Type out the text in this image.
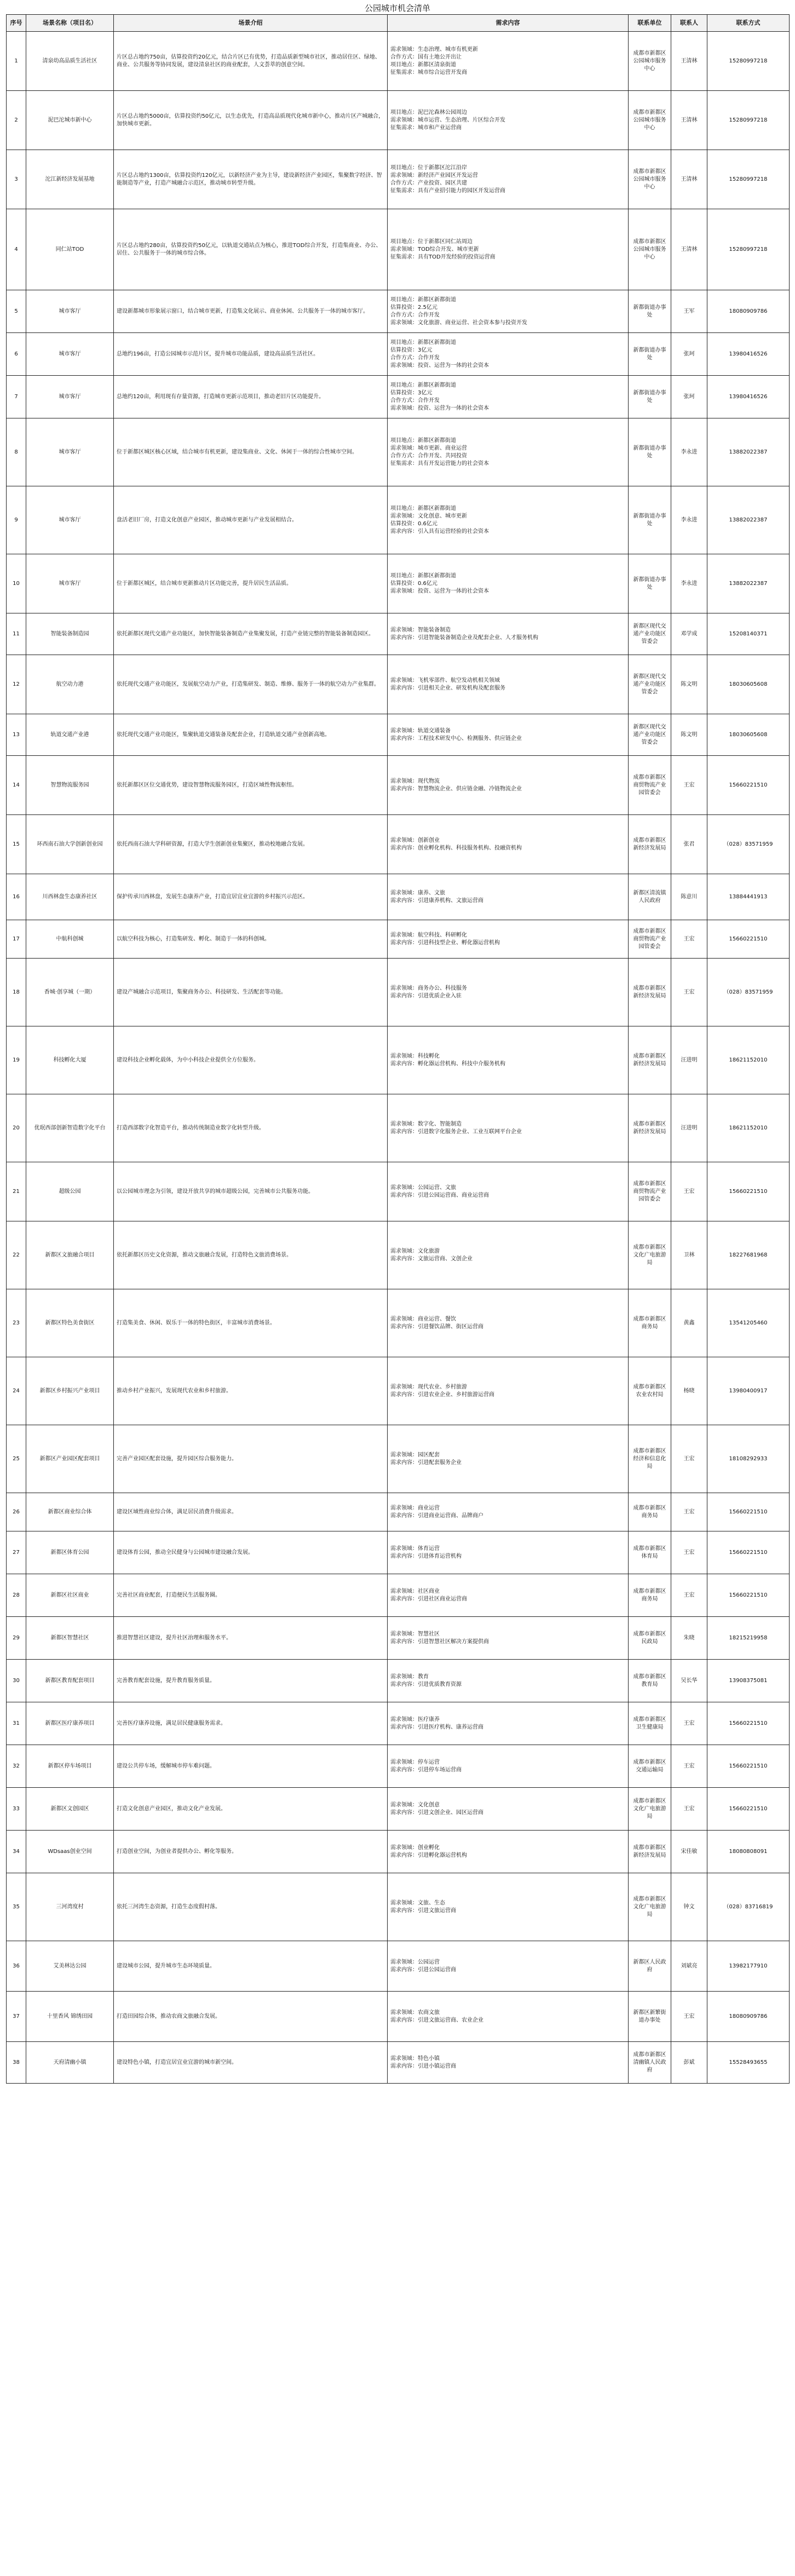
公园城市机会清单
序号	场景名称（项目名）	场景介绍	需求内容	联系单位	联系人	联系方式

1	清泉幼高品质生活社区	片区总占地约750亩，估算投资约20亿元，结合片区已有优势，打造品质新型城市社区，推动居住区、绿地、商业、公共服务等协同发展，建设清泉社区的商业配套，人文荟萃的创意空间。	需求领域：生态治理、城市有机更新
合作方式：国有土地公开出让
项目地点：新都区清泉街道
征集需求：城市综合运营开发商	成都市新都区公园城市服务中心	王清林	15280997218

2	泥巴沱城市新中心	片区总占地约5000亩，估算投资约50亿元，以生态优先，打造高品质现代化城市新中心，推动片区产城融合，加快城市更新。	项目地点：泥巴沱森林公园周边
需求领域：城市运营、生态治理、片区综合开发
征集需求：城市和产业运营商	成都市新都区公园城市服务中心	王清林	15280997218

3	沱江新经济发展基地	片区总占地约1300亩，估算投资约120亿元，以新经济产业为主导，建设新经济产业园区，集聚数字经济、智能制造等产业，打造产城融合示范区，推动城市转型升级。	项目地点：位于新都区沱江沿岸
需求领域：新经济产业园区开发运营
合作方式：产业投资、园区共建
征集需求：具有产业招引能力的园区开发运营商	成都市新都区公园城市服务中心	王清林	15280997218

4	同仁站TOD	片区总占地约280亩，估算投资约50亿元，以轨道交通站点为核心，推进TOD综合开发，打造集商业、办公、居住、公共服务于一体的城市综合体。	项目地点：位于新都区同仁站周边
需求领域：TOD综合开发、城市更新
征集需求：具有TOD开发经验的投资运营商	成都市新都区公园城市服务中心	王清林	15280997218

5	城市客厅	建设新都城市形象展示窗口，结合城市更新，打造集文化展示、商业休闲、公共服务于一体的城市客厅。	项目地点：新都区新都街道
估算投资：2.5亿元
合作方式：合作开发
需求领域：文化旅游、商业运营、社会资本参与投资开发	新都街道办事处	王军	18080909786

6	城市客厅	总地约196亩，打造公园城市示范片区，提升城市功能品质，建设高品质生活社区。	项目地点：新都区新都街道
估算投资：3亿元
合作方式：合作开发
需求领域：投资、运营为一体的社会资本	新都街道办事处	张珂	13980416526

7	城市客厅	总地约120亩，利用现有存量资源，打造城市更新示范项目，推动老旧片区功能提升。	项目地点：新都区新都街道
估算投资：3亿元
合作方式：合作开发
需求领域：投资、运营为一体的社会资本	新都街道办事处	张珂	13980416526

8	城市客厅	位于新都区城区核心区域，结合城市有机更新，建设集商业、文化、休闲于一体的综合性城市空间。	项目地点：新都区新都街道
需求领域：城市更新、商业运营
合作方式：合作开发、共同投资
征集需求：具有开发运营能力的社会资本	新都街道办事处	李永进	13882022387

9	城市客厅	盘活老旧厂房，打造文化创意产业园区，推动城市更新与产业发展相结合。	项目地点：新都区新都街道
需求领域：文化创意、城市更新
估算投资：0.6亿元
需求内容：引入具有运营经验的社会资本	新都街道办事处	李永进	13882022387

10	城市客厅	位于新都区城区，结合城市更新推动片区功能完善，提升居民生活品质。	项目地点：新都区新都街道
估算投资：0.6亿元
需求领域：投资、运营为一体的社会资本	新都街道办事处	李永进	13882022387

11	智能装备制造园	依托新都区现代交通产业功能区，加快智能装备制造产业集聚发展，打造产业链完整的智能装备制造园区。	需求领域：智能装备制造
需求内容：引进智能装备制造企业及配套企业、人才服务机构	新都区现代交通产业功能区管委会	邓学成	15208140371

12	航空动力港	依托现代交通产业功能区，发展航空动力产业，打造集研发、制造、维修、服务于一体的航空动力产业集群。	需求领域：飞机零部件、航空发动机相关领域
需求内容：引进相关企业、研发机构及配套服务	新都区现代交通产业功能区管委会	陈文明	18030605608

13	轨道交通产业港	依托现代交通产业功能区，集聚轨道交通装备及配套企业，打造轨道交通产业创新高地。	需求领域：轨道交通装备
需求内容：工程技术研发中心、检测服务、供应链企业	新都区现代交通产业功能区管委会	陈文明	18030605608

14	智慧物流服务园	依托新都区区位交通优势，建设智慧物流服务园区，打造区域性物流枢纽。	需求领域：现代物流
需求内容：智慧物流企业、供应链金融、冷链物流企业	成都市新都区商贸物流产业园管委会	王宏	15660221510

15	环西南石油大学创新创业园	依托西南石油大学科研资源，打造大学生创新创业集聚区，推动校地融合发展。	需求领域：创新创业
需求内容：创业孵化机构、科技服务机构、投融资机构	成都市新都区新经济发展局	张君	（028）83571959

16	川西林盘生态康养社区	保护传承川西林盘，发展生态康养产业，打造宜居宜业宜游的乡村振兴示范区。	需求领域：康养、文旅
需求内容：引进康养机构、文旅运营商	新都区清流镇人民政府	陈意川	13884441913

17	中航科创城	以航空科技为核心，打造集研发、孵化、制造于一体的科创城。	需求领域：航空科技、科研孵化
需求内容：引进科技型企业、孵化器运营机构	成都市新都区商贸物流产业园管委会	王宏	15660221510

18	香城·创享城（一期）	建设产城融合示范项目，集聚商务办公、科技研发、生活配套等功能。	需求领域：商务办公、科技服务
需求内容：引进优质企业入驻	成都市新都区新经济发展局	王宏	（028）83571959

19	科技孵化大厦	建设科技企业孵化载体，为中小科技企业提供全方位服务。	需求领域：科技孵化
需求内容：孵化器运营机构、科技中介服务机构	成都市新都区新经济发展局	汪进明	18621152010

20	优珉西部创新智造数字化平台	打造西部数字化智造平台，推动传统制造业数字化转型升级。	需求领域：数字化、智能制造
需求内容：引进数字化服务企业、工业互联网平台企业	成都市新都区新经济发展局	汪进明	18621152010

21	超级公园	以公园城市理念为引领，建设开放共享的城市超级公园，完善城市公共服务功能。	需求领域：公园运营、文旅
需求内容：引进公园运营商、商业运营商	成都市新都区商贸物流产业园管委会	王宏	15660221510

22	新都区文旅融合项目	依托新都区历史文化资源，推动文旅融合发展，打造特色文旅消费场景。	需求领域：文化旅游
需求内容：文旅运营商、文创企业	成都市新都区文化广电旅游局	卫林	18227681968

23	新都区特色美食街区	打造集美食、休闲、娱乐于一体的特色街区，丰富城市消费场景。	需求领域：商业运营、餐饮
需求内容：引进餐饮品牌、街区运营商	成都市新都区商务局	黄鑫	13541205460

24	新都区乡村振兴产业项目	推动乡村产业振兴，发展现代农业和乡村旅游。	需求领域：现代农业、乡村旅游
需求内容：引进农业企业、乡村旅游运营商	成都市新都区农业农村局	杨晓	13980400917

25	新都区产业园区配套项目	完善产业园区配套设施，提升园区综合服务能力。	需求领域：园区配套
需求内容：引进配套服务企业	成都市新都区经济和信息化局	王宏	18108292933

26	新都区商业综合体	建设区域性商业综合体，满足居民消费升级需求。	需求领域：商业运营
需求内容：引进商业运营商、品牌商户	成都市新都区商务局	王宏	15660221510

27	新都区体育公园	建设体育公园，推动全民健身与公园城市建设融合发展。	需求领域：体育运营
需求内容：引进体育运营机构	成都市新都区体育局	王宏	15660221510

28	新都区社区商业	完善社区商业配套，打造便民生活服务圈。	需求领域：社区商业
需求内容：引进社区商业运营商	成都市新都区商务局	王宏	15660221510

29	新都区智慧社区	推进智慧社区建设，提升社区治理和服务水平。	需求领域：智慧社区
需求内容：引进智慧社区解决方案提供商	成都市新都区民政局	朱晓	18215219958

30	新都区教育配套项目	完善教育配套设施，提升教育服务质量。	需求领域：教育
需求内容：引进优质教育资源	成都市新都区教育局	吴长华	13908375081

31	新都区医疗康养项目	完善医疗康养设施，满足居民健康服务需求。	需求领域：医疗康养
需求内容：引进医疗机构、康养运营商	成都市新都区卫生健康局	王宏	15660221510

32	新都区停车场项目	建设公共停车场，缓解城市停车难问题。	需求领域：停车运营
需求内容：引进停车场运营商	成都市新都区交通运输局	王宏	15660221510

33	新都区文创园区	打造文化创意产业园区，推动文化产业发展。	需求领域：文化创意
需求内容：引进文创企业、园区运营商	成都市新都区文化广电旅游局	王宏	15660221510

34	WDsaas创业空间	打造创业空间，为创业者提供办公、孵化等服务。	需求领域：创业孵化
需求内容：引进孵化器运营机构	成都市新都区新经济发展局	宋佳敏	18080808091

35	三河湾度村	依托三河湾生态资源，打造生态度假村落。	需求领域：文旅、生态
需求内容：引进文旅运营商	成都市新都区文化广电旅游局	钟文	（028）83716819

36	艾美林达公园	建设城市公园，提升城市生态环境质量。	需求领域：公园运营
需求内容：引进公园运营商	新都区人民政府	刘斌亮	13982177910

37	十里香风 锦绣田园	打造田园综合体，推动农商文旅融合发展。	需求领域：农商文旅
需求内容：引进文旅运营商、农业企业	新都区新繁街道办事处	王宏	18080909786

38	天府清幽小镇	建设特色小镇，打造宜居宜业宜游的城市新空间。	需求领域：特色小镇
需求内容：引进小镇运营商	成都市新都区清幽镇人民政府	彭斌	15528493655
